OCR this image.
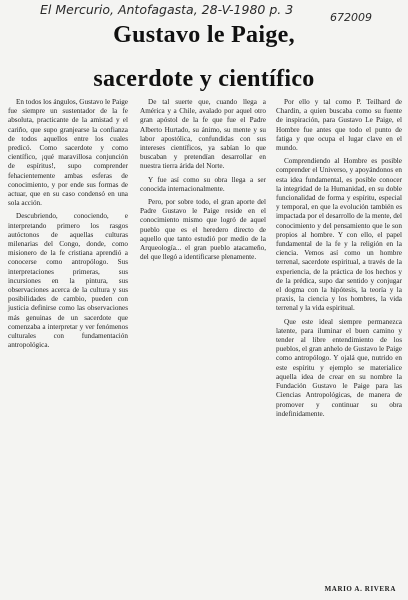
El Mercurio, Antofagasta, 28-V-1980 p. 3
672009
Gustavo le Paige,
sacerdote y científico

En todos los ángulos, Gustavo le Paige fue siempre un sustentador de la fe absoluta, practicante de la amistad y el cariño, que supo granjearse la confianza de todos aquellos entre los cuales predicó. Como sacerdote y como científico, ¡qué maravillosa conjunción de espíritus!, supo comprender fehacientemente ambas esferas de conocimiento, y por ende sus formas de actuar, que en su caso condensó en una sola acción.

Descubriendo, conociendo, e interpretando primero los rasgos autóctonos de aquellas culturas milenarias del Congo, donde, como misionero de la fe cristiana aprendió a conocerse como antropólogo. Sus interpretaciones primeras, sus incursiones en la pintura, sus observaciones acerca de la cultura y sus posibilidades de cambio, pueden con justicia definirse como las observaciones más genuinas de un sacerdote que comenzaba a interpretar y ver fenómenos culturales con fundamentación antropológica.

De tal suerte que, cuando llega a América y a Chile, avalado por aquel otro gran apóstol de la fe que fue el Padre Alberto Hurtado, su ánimo, su mente y su labor apostólica, confundidas con sus intereses científicos, ya sabían lo que buscaban y pretendían desarrollar en nuestra tierra árida del Norte.

Y fue así como su obra llega a ser conocida internacionalmente.

Pero, por sobre todo, el gran aporte del Padre Gustavo le Paige reside en el conocimiento mismo que logró de aquel pueblo que es el heredero directo de aquello que tanto estudió por medio de la Arqueología... el gran pueblo atacameño, del que llegó a identificarse plenamente.

Por ello y tal como P. Teilhard de Chardin, a quien buscaba como su fuente de inspiración, para Gustavo Le Paige, el Hombre fue antes que todo el punto de fatiga y que ocupa el lugar clave en el mundo.

Comprendiendo al Hombre es posible comprender el Universo, y apoyándonos en esta idea fundamental, es posible conocer la integridad de la Humanidad, en su doble funcionalidad de forma y espíritu, especial y temporal, en que la evolución también es impactada por el desarrollo de la mente, del conocimiento y del pensamiento que le son propios al hombre. Y con ello, el papel fundamental de la fe y la religión en la ciencia. Vemos así como un hombre terrenal, sacerdote espiritual, a través de la experiencia, de la práctica de los hechos y de la prédica, supo dar sentido y conjugar el dogma con la hipótesis, la teoría y la praxis, la ciencia y los hombres, la vida terrenal y la vida espiritual.

Que este ideal siempre permanezca latente, para iluminar el buen camino y tender al libre entendimiento de los pueblos, el gran anhelo de Gustavo le Paige como antropólogo. Y ojalá que, nutrido en este espíritu y ejemplo se materialice aquella idea de crear en su nombre la Fundación Gustavo le Paige para las Ciencias Antropológicas, de manera de promover y continuar su obra indefinidamente.

MARIO A. RIVERA
